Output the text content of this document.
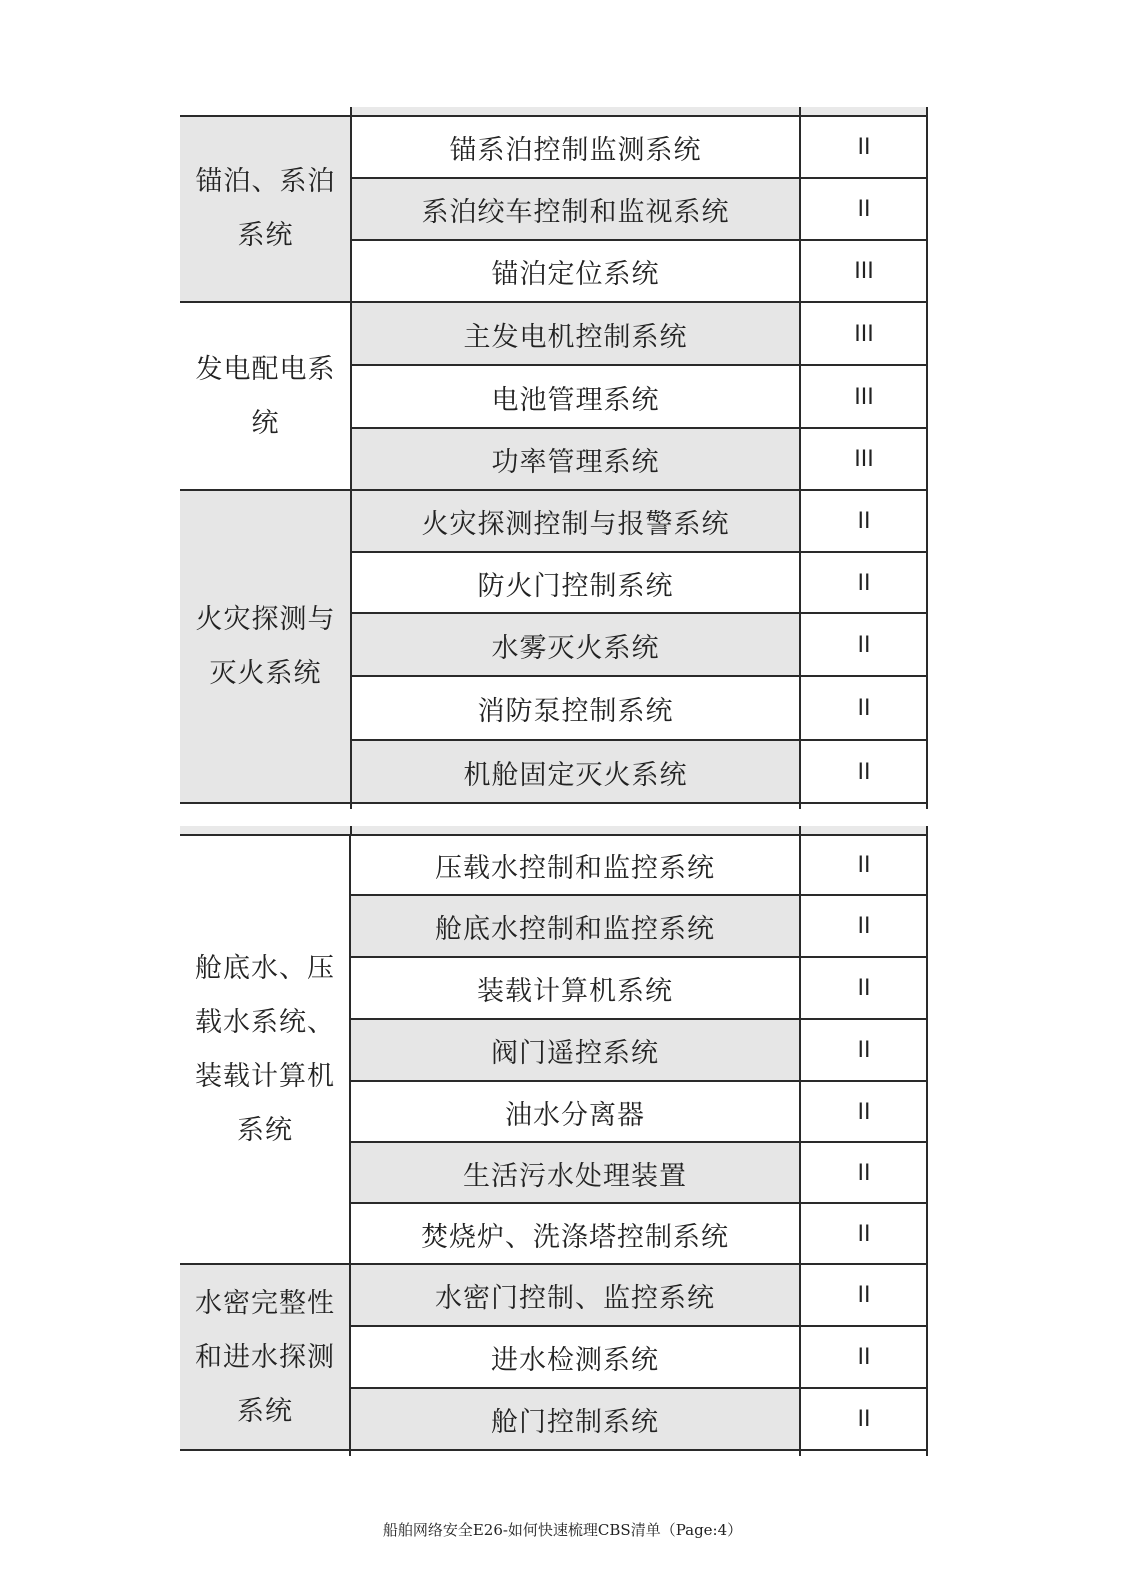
锚泊、系泊系统
锚系泊控制监测系统	II
系泊绞车控制和监视系统	II
锚泊定位系统	III
发电配电系统
主发电机控制系统	III
电池管理系统	III
功率管理系统	III
火灾探测与灭火系统
火灾探测控制与报警系统	II
防火门控制系统	II
水雾灭火系统	II
消防泵控制系统	II
机舱固定灭火系统	II
舱底水、压载水系统、装载计算机系统
压载水控制和监控系统	II
舱底水控制和监控系统	II
装载计算机系统	II
阀门遥控系统	II
油水分离器	II
生活污水处理装置	II
焚烧炉、洗涤塔控制系统	II
水密完整性和进水探测系统
水密门控制、监控系统	II
进水检测系统	II
舱门控制系统	II
船舶网络安全E26-如何快速梳理CBS清单（Page:4）
